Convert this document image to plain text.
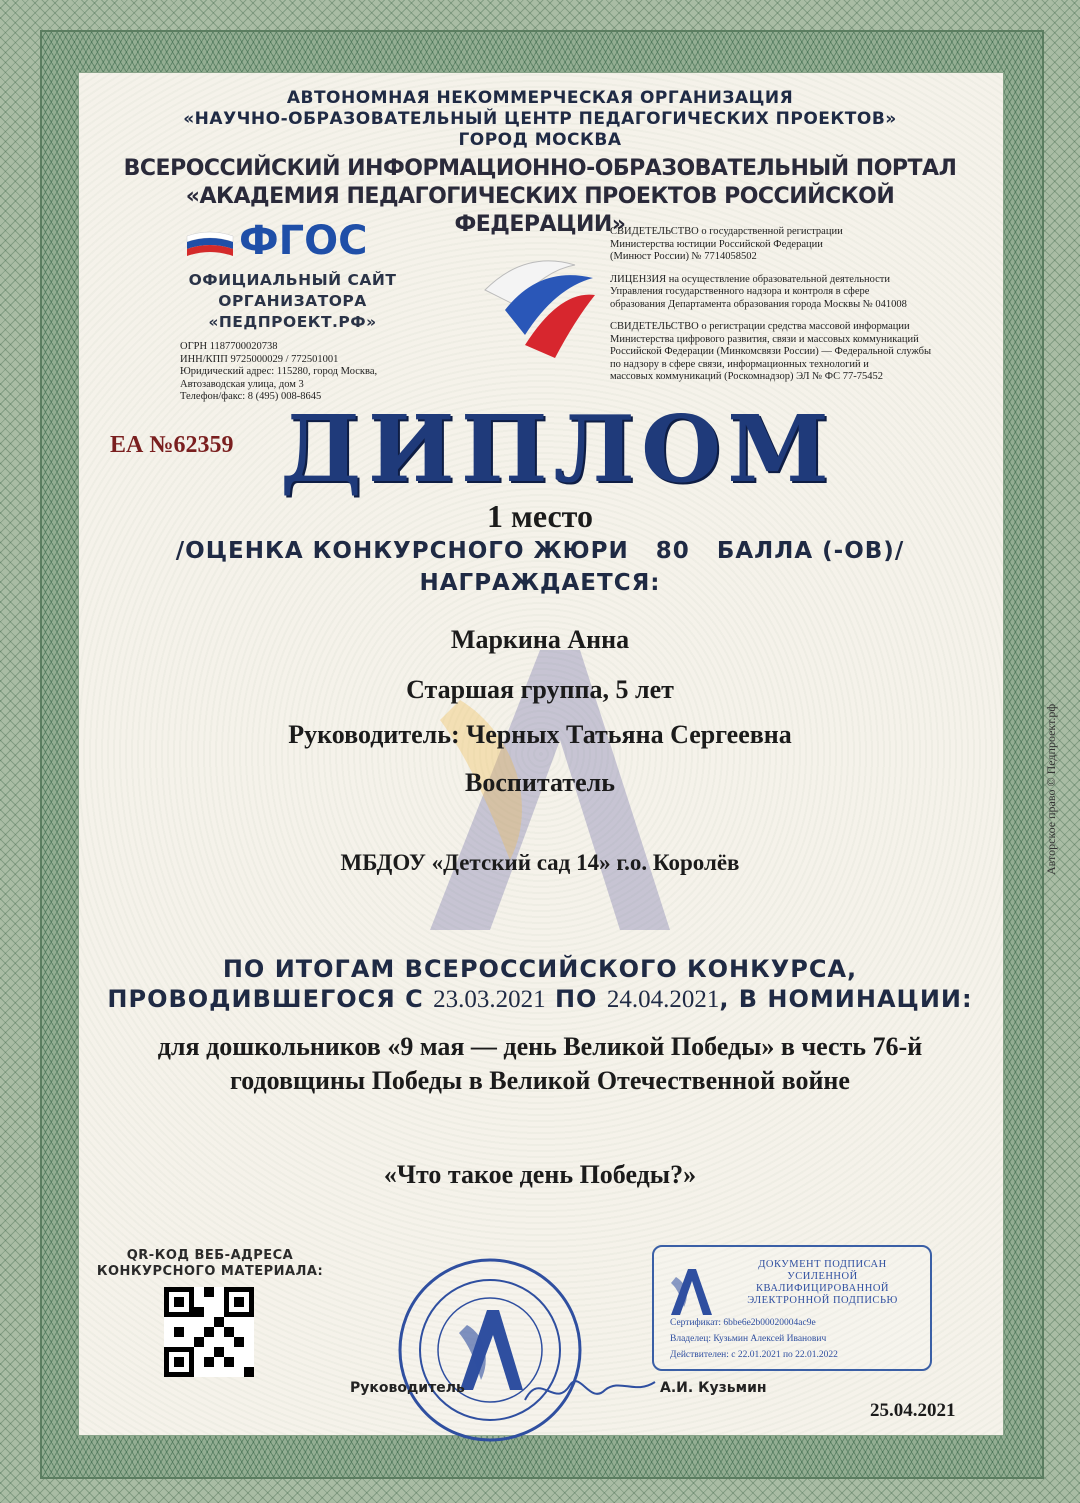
АВТОНОМНАЯ НЕКОММЕРЧЕСКАЯ ОРГАНИЗАЦИЯ
«НАУЧНО-ОБРАЗОВАТЕЛЬНЫЙ ЦЕНТР ПЕДАГОГИЧЕСКИХ ПРОЕКТОВ»
ГОРОД МОСКВА
ВСЕРОССИЙСКИЙ ИНФОРМАЦИОННО-ОБРАЗОВАТЕЛЬНЫЙ ПОРТАЛ
«АКАДЕМИЯ ПЕДАГОГИЧЕСКИХ ПРОЕКТОВ РОССИЙСКОЙ ФЕДЕРАЦИИ»
ФГОС
ОФИЦИАЛЬНЫЙ САЙТ
ОРГАНИЗАТОРА
«ПЕДПРОЕКТ.РФ»
ОГРН 1187700020738
ИНН/КПП 9725000029 / 772501001
Юридический адрес: 115280, город Москва,
Автозаводская улица, дом 3
Телефон/факс: 8 (495) 008-8645
СВИДЕТЕЛЬСТВО о государственной регистрации
Министерства юстиции Российской Федерации
(Минюст России) № 7714058502
ЛИЦЕНЗИЯ на осуществление образовательной деятельности
Управления государственного надзора и контроля в сфере
образования Департамента образования города Москвы № 041008
СВИДЕТЕЛЬСТВО о регистрации средства массовой информации
Министерства цифрового развития, связи и массовых коммуникаций
Российской Федерации (Минкомсвязи России) — Федеральной службы
по надзору в сфере связи, информационных технологий и
массовых коммуникаций (Роскомнадзор) ЭЛ № ФС 77-75452
ЕА №62359 ДИПЛОМ
1 место
/ОЦЕНКА КОНКУРСНОГО ЖЮРИ   80   БАЛЛА (-ОВ)/
НАГРАЖДАЕТСЯ:
Маркина Анна
Старшая группа, 5 лет
Руководитель: Черных Татьяна Сергеевна
Воспитатель
МБДОУ «Детский сад 14» г.о. Королёв
ПО ИТОГАМ ВСЕРОССИЙСКОГО КОНКУРСА,
ПРОВОДИВШЕГОСЯ С 23.03.2021 ПО 24.04.2021, В НОМИНАЦИИ:
для дошкольников «9 мая — день Великой Победы» в честь 76-й
годовщины Победы в Великой Отечественной войне
«Что такое день Победы?»
QR-КОД ВЕБ-АДРЕСА
КОНКУРСНОГО МАТЕРИАЛА:
Руководитель	А.И. Кузьмин
25.04.2021
ДОКУМЕНТ ПОДПИСАН
УСИЛЕННОЙ КВАЛИФИЦИРОВАННОЙ
ЭЛЕКТРОННОЙ ПОДПИСЬЮ
Сертификат: 6bbe6e2b00020004ac9e
Владелец: Кузьмин Алексей Иванович
Действителен: с 22.01.2021 по 22.01.2022
Авторское право © Педпроект.рф
